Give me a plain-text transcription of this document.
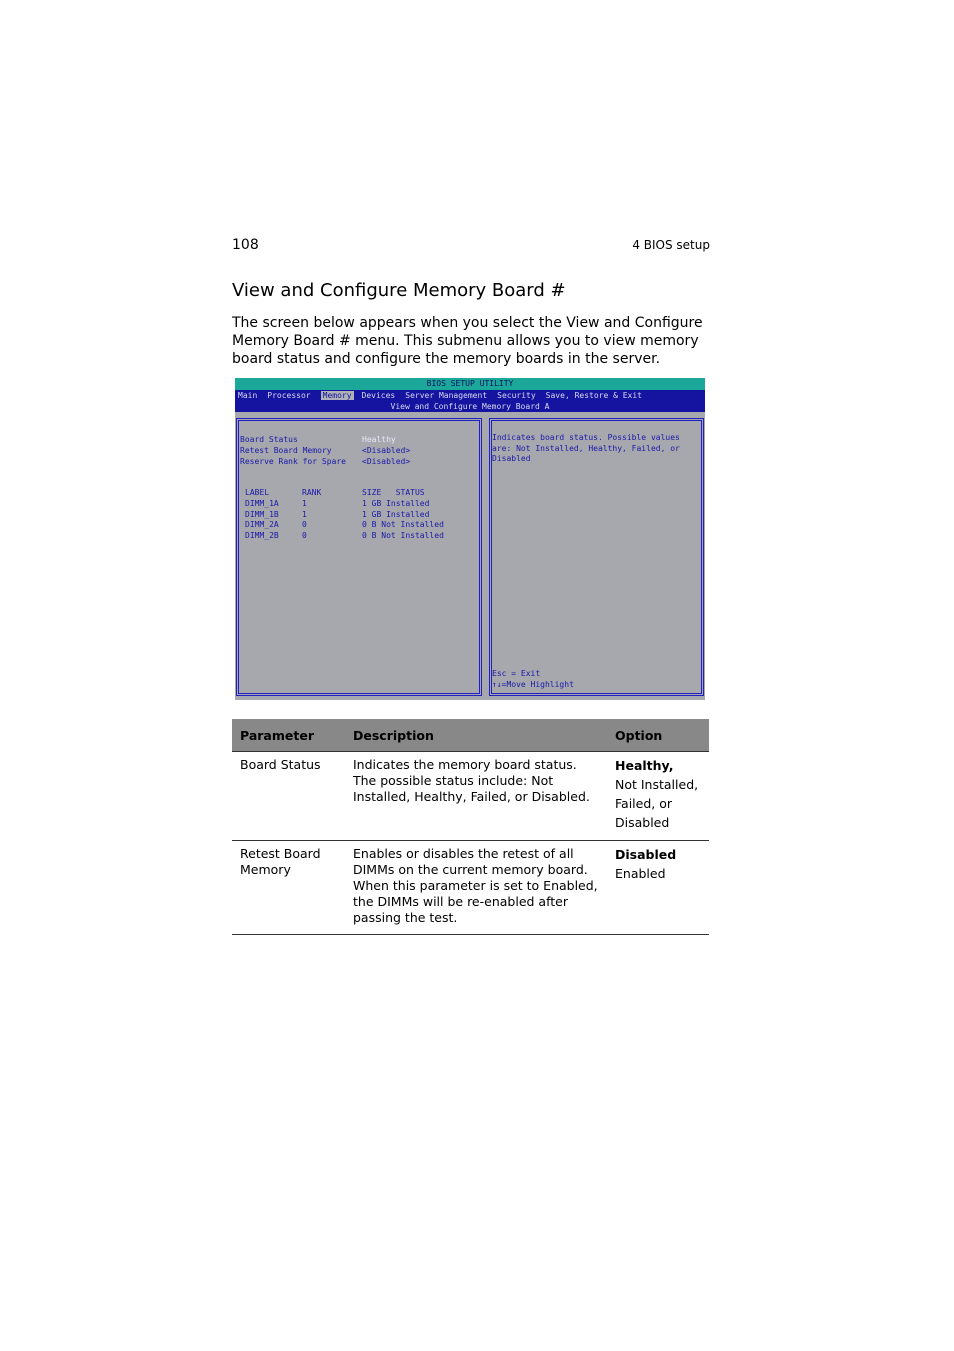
108	4 BIOS setup
View and Configure Memory Board #

The screen below appears when you select the View and Configure Memory Board # menu. This submenu allows you to view memory board status and configure the memory boards in the server.

BIOS SETUP UTILITY
Main Processor Memory Devices Server Management Security Save, Restore & Exit
View and Configure Memory Board A
Board Status	Healthy
Retest Board Memory	<Disabled>
Reserve Rank for Spare <Disabled>
LABEL	RANK	SIZE   STATUS
DIMM_1A	1	1 GB Installed
DIMM_1B	1	1 GB Installed
DIMM_2A	0	0 B Not Installed
DIMM_2B	0	0 B Not Installed
Indicates board status. Possible values are: Not Installed, Healthy, Failed, or Disabled
Esc = Exit
↑↓=Move Highlight
Parameter	Description	Option
Board Status	Indicates the memory board status. The possible status include: Not Installed, Healthy, Failed, or Disabled.	Healthy,
Not Installed,
Failed, or
Disabled

Retest Board Memory	Enables or disables the retest of all DIMMs on the current memory board. When this parameter is set to Enabled, the DIMMs will be re-enabled after passing the test.	Disabled
Enabled
